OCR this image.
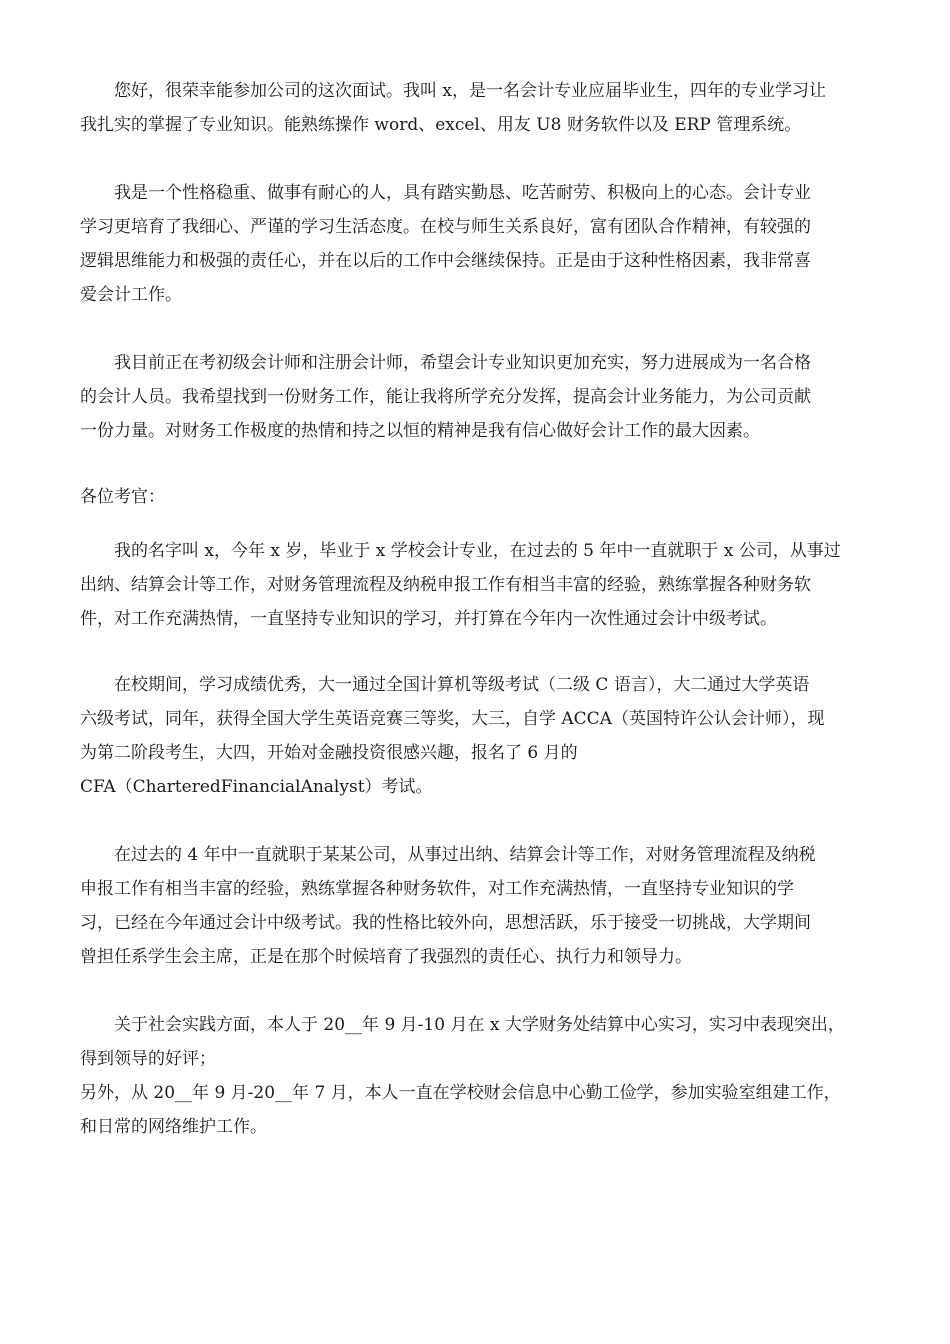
您好，很荣幸能参加公司的这次面试。我叫 x，是一名会计专业应届毕业生，四年的专业学习让
我扎实的掌握了专业知识。能熟练操作 word、excel、用友 U8 财务软件以及 ERP 管理系统。
我是一个性格稳重、做事有耐心的人，具有踏实勤恳、吃苦耐劳、积极向上的心态。会计专业
学习更培育了我细心、严谨的学习生活态度。在校与师生关系良好，富有团队合作精神，有较强的
逻辑思维能力和极强的责任心，并在以后的工作中会继续保持。正是由于这种性格因素，我非常喜
爱会计工作。
我目前正在考初级会计师和注册会计师，希望会计专业知识更加充实，努力进展成为一名合格
的会计人员。我希望找到一份财务工作，能让我将所学充分发挥，提高会计业务能力，为公司贡献
一份力量。对财务工作极度的热情和持之以恒的精神是我有信心做好会计工作的最大因素。
各位考官：
我的名字叫 x，今年 x 岁，毕业于 x 学校会计专业，在过去的 5 年中一直就职于 x 公司，从事过
出纳、结算会计等工作，对财务管理流程及纳税申报工作有相当丰富的经验，熟练掌握各种财务软
件，对工作充满热情，一直坚持专业知识的学习，并打算在今年内一次性通过会计中级考试。
在校期间，学习成绩优秀，大一通过全国计算机等级考试（二级 C 语言），大二通过大学英语
六级考试，同年，获得全国大学生英语竞赛三等奖，大三，自学 ACCA（英国特许公认会计师），现
为第二阶段考生，大四，开始对金融投资很感兴趣，报名了 6 月的
CFA（CharteredFinancialAnalyst）考试。
在过去的 4 年中一直就职于某某公司，从事过出纳、结算会计等工作，对财务管理流程及纳税
申报工作有相当丰富的经验，熟练掌握各种财务软件，对工作充满热情，一直坚持专业知识的学
习，已经在今年通过会计中级考试。我的性格比较外向，思想活跃，乐于接受一切挑战，大学期间
曾担任系学生会主席，正是在那个时候培育了我强烈的责任心、执行力和领导力。
关于社会实践方面，本人于 20__年 9 月-10 月在 x 大学财务处结算中心实习，实习中表现突出，
得到领导的好评；
另外，从 20__年 9 月-20__年 7 月，本人一直在学校财会信息中心勤工俭学，参加实验室组建工作，
和日常的网络维护工作。
